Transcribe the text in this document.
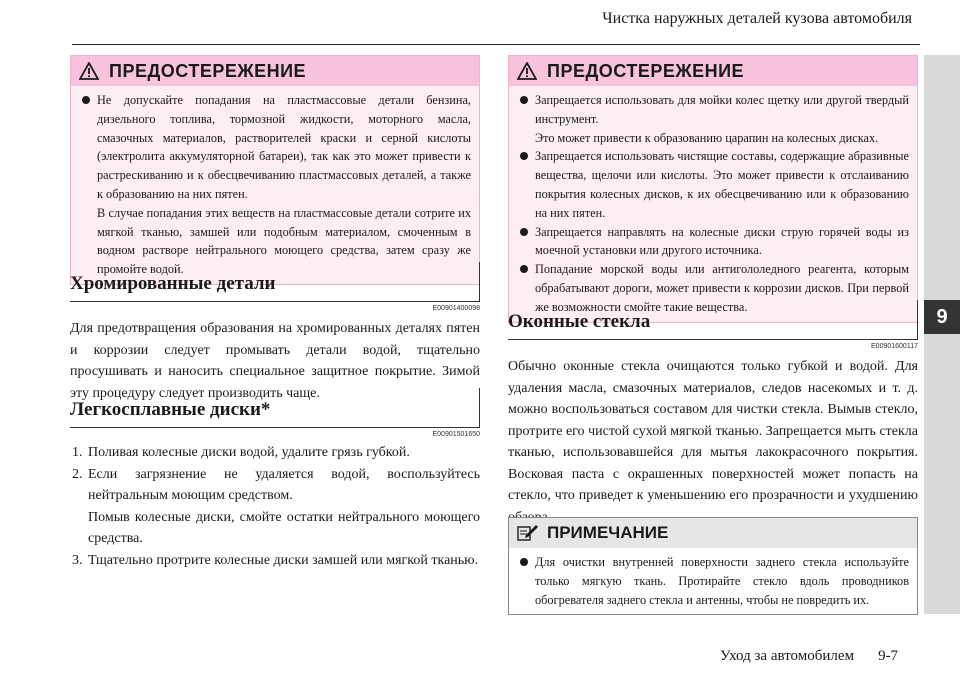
Чистка наружных деталей кузова автомобиля
9
ПРЕДОСТЕРЕЖЕНИЕ
Не допускайте попадания на пластмассовые детали бензина, дизельного топлива, тормозной жидкости, моторного масла, смазочных материалов, растворителей краски и серной кислоты (электролита аккумуляторной батареи), так как это может привести к растрескиванию и к обесцвечиванию пластмассовых деталей, а также к образованию на них пятен.
В случае попадания этих веществ на пластмассовые детали сотрите их мягкой тканью, замшей или подобным материалом, смоченным в водном растворе нейтрального моющего средства, затем сразу же промойте водой.
Хромированные детали
E00901400098

Для предотвращения образования на хромированных деталях пятен и коррозии следует промывать детали водой, тщательно просушивать и наносить специальное защитное покрытие. Зимой эту процедуру следует производить чаще.

Легкосплавные диски*
E00901501650
1. Поливая колесные диски водой, удалите грязь губкой.
2. Если загрязнение не удаляется водой, воспользуйтесь нейтральным моющим средством.
Помыв колесные диски, смойте остатки нейтрального моющего средства.
3. Тщательно протрите колесные диски замшей или мягкой тканью.
ПРЕДОСТЕРЕЖЕНИЕ
Запрещается использовать для мойки колес щетку или другой твердый инструмент.
Это может привести к образованию царапин на колесных дисках.
Запрещается использовать чистящие составы, содержащие абразивные вещества, щелочи или кислоты. Это может привести к отслаиванию покрытия колесных дисков, к их обесцвечиванию или к образованию на них пятен.
Запрещается направлять на колесные диски струю горячей воды из моечной установки или другого источника.
Попадание морской воды или антигололедного реагента, которым обрабатывают дороги, может привести к коррозии дисков. При первой же возможности смойте такие вещества.
Оконные стекла
E00901600117

Обычно оконные стекла очищаются только губкой и водой. Для удаления масла, смазочных материалов, следов насекомых и т. д. можно воспользоваться составом для чистки стекла. Вымыв стекло, протрите его чистой сухой мягкой тканью. Запрещается мыть стекла тканью, использовавшейся для мытья лакокрасочного покрытия. Восковая паста с окрашенных поверхностей может попасть на стекло, что приведет к уменьшению его прозрачности и ухудшению

ПРИМЕЧАНИЕ
Для очистки внутренней поверхности заднего стекла используйте только мягкую ткань. Протирайте стекло вдоль проводников обогревателя заднего стекла и антенны, чтобы не повредить их.
Уход за автомобилем 9-7
